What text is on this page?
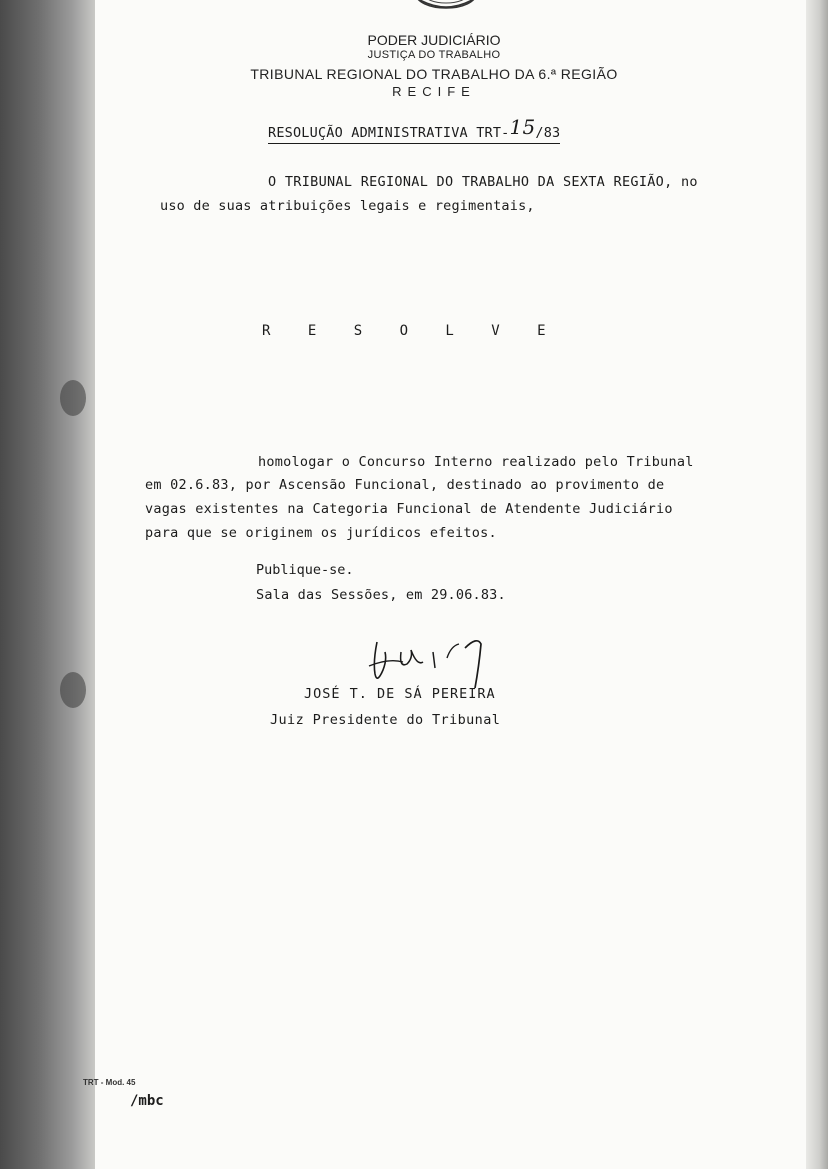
PODER JUDICIÁRIO
JUSTIÇA DO TRABALHO
TRIBUNAL REGIONAL DO TRABALHO DA 6.ª REGIÃO
RECIFE
RESOLUÇÃO ADMINISTRATIVA TRT-15/83
O TRIBUNAL REGIONAL DO TRABALHO DA SEXTA REGIÃO, no
uso de suas atribuições legais e regimentais,
R E S O L V E
homologar o Concurso Interno realizado pelo Tribunal
em 02.6.83, por Ascensão Funcional, destinado ao provimento de
vagas existentes na Categoria Funcional de Atendente Judiciário
para que se originem os jurídicos efeitos.
Publique-se.
Sala das Sessões, em 29.06.83.
JOSÉ T. DE SÁ PEREIRA
Juiz Presidente do Tribunal
TRT - Mod. 45
/mbc
